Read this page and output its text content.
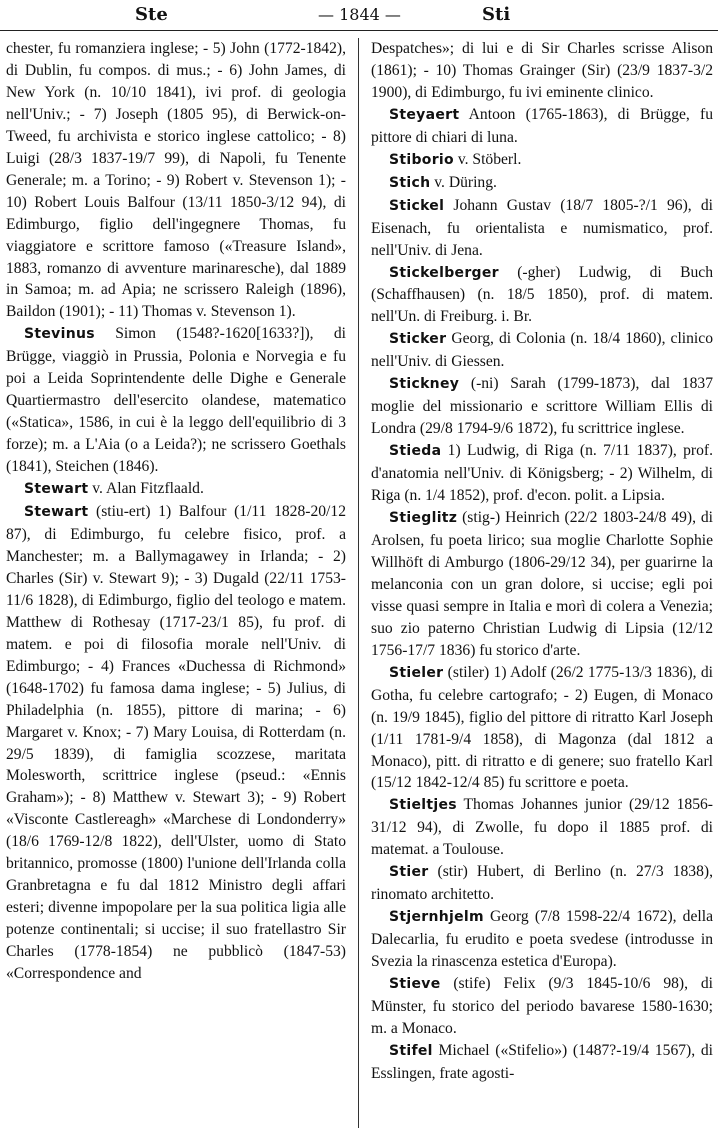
Ste	— 1844 —	Sti

chester, fu romanziera inglese; - 5) John (1772-1842), di Dublin, fu compos. di mus.; - 6) John James, di New York (n. 10/10 1841), ivi prof. di geologia nell'Univ.; - 7) Joseph (1805 95), di Berwick-on-Tweed, fu archivista e storico inglese cattolico; - 8) Luigi (28/3 1837-19/7 99), di Napoli, fu Tenente Generale; m. a Torino; - 9) Robert v. Stevenson 1); - 10) Robert Louis Balfour (13/11 1850-3/12 94), di Edimburgo, figlio dell'ingegnere Thomas, fu viaggiatore e scrittore famoso («Treasure Island», 1883, romanzo di avventure marinaresche), dal 1889 in Samoa; m. ad Apia; ne scrissero Raleigh (1896), Baildon (1901); - 11) Thomas v. Stevenson 1).

Stevinus Simon (1548?-1620[1633?]), di Brügge, viaggiò in Prussia, Polonia e Norvegia e fu poi a Leida Soprintendente delle Dighe e Generale Quartiermastro dell'esercito olandese, matematico («Statica», 1586, in cui è la leggo dell'equilibrio di 3 forze); m. a L'Aia (o a Leida?); ne scrissero Goethals (1841), Steichen (1846).

Stewart v. Alan Fitzflaald.

Stewart (stiu-ert) 1) Balfour (1/11 1828-20/12 87), di Edimburgo, fu celebre fisico, prof. a Manchester; m. a Ballymagawey in Irlanda; - 2) Charles (Sir) v. Stewart 9); - 3) Dugald (22/11 1753-11/6 1828), di Edimburgo, figlio del teologo e matem. Matthew di Rothesay (1717-23/1 85), fu prof. di matem. e poi di filosofia morale nell'Univ. di Edimburgo; - 4) Frances «Duchessa di Richmond» (1648-1702) fu famosa dama inglese; - 5) Julius, di Philadelphia (n. 1855), pittore di marina; - 6) Margaret v. Knox; - 7) Mary Louisa, di Rotterdam (n. 29/5 1839), di famiglia scozzese, maritata Molesworth, scrittrice inglese (pseud.: «Ennis Graham»); - 8) Matthew v. Stewart 3); - 9) Robert «Visconte Castlereagh» «Marchese di Londonderry» (18/6 1769-12/8 1822), dell'Ulster, uomo di Stato britannico, promosse (1800) l'unione dell'Irlanda colla Granbretagna e fu dal 1812 Ministro degli affari esteri; divenne impopolare per la sua politica ligia alle potenze continentali; si uccise; il suo fratellastro Sir Charles (1778-1854) ne pubblicò (1847-53) «Correspondence and

Despatches»; di lui e di Sir Charles scrisse Alison (1861); - 10) Thomas Grainger (Sir) (23/9 1837-3/2 1900), di Edimburgo, fu ivi eminente clinico.

Steyaert Antoon (1765-1863), di Brügge, fu pittore di chiari di luna.

Stiborio v. Stöberl.

Stich v. Düring.

Stickel Johann Gustav (18/7 1805-?/1 96), di Eisenach, fu orientalista e numismatico, prof. nell'Univ. di Jena.

Stickelberger (-gher) Ludwig, di Buch (Schaffhausen) (n. 18/5 1850), prof. di matem. nell'Un. di Freiburg. i. Br.

Sticker Georg, di Colonia (n. 18/4 1860), clinico nell'Univ. di Giessen.

Stickney (-ni) Sarah (1799-1873), dal 1837 moglie del missionario e scrittore William Ellis di Londra (29/8 1794-9/6 1872), fu scrittrice inglese.

Stieda 1) Ludwig, di Riga (n. 7/11 1837), prof. d'anatomia nell'Univ. di Königsberg; - 2) Wilhelm, di Riga (n. 1/4 1852), prof. d'econ. polit. a Lipsia.

Stieglitz (stig-) Heinrich (22/2 1803-24/8 49), di Arolsen, fu poeta lirico; sua moglie Charlotte Sophie Willhöft di Amburgo (1806-29/12 34), per guarirne la melanconia con un gran dolore, si uccise; egli poi visse quasi sempre in Italia e morì di colera a Venezia; suo zio paterno Christian Ludwig di Lipsia (12/12 1756-17/7 1836) fu storico d'arte.

Stieler (stiler) 1) Adolf (26/2 1775-13/3 1836), di Gotha, fu celebre cartografo; - 2) Eugen, di Monaco (n. 19/9 1845), figlio del pittore di ritratto Karl Joseph (1/11 1781-9/4 1858), di Magonza (dal 1812 a Monaco), pitt. di ritratto e di genere; suo fratello Karl (15/12 1842-12/4 85) fu scrittore e poeta.

Stieltjes Thomas Johannes junior (29/12 1856-31/12 94), di Zwolle, fu dopo il 1885 prof. di matemat. a Toulouse.

Stier (stir) Hubert, di Berlino (n. 27/3 1838), rinomato architetto.

Stjernhjelm Georg (7/8 1598-22/4 1672), della Dalecarlia, fu erudito e poeta svedese (introdusse in Svezia la rinascenza estetica d'Europa).

Stieve (stife) Felix (9/3 1845-10/6 98), di Münster, fu storico del periodo bavarese 1580-1630; m. a Monaco.

Stifel Michael («Stifelio») (1487?-19/4 1567), di Esslingen, frate agosti-
